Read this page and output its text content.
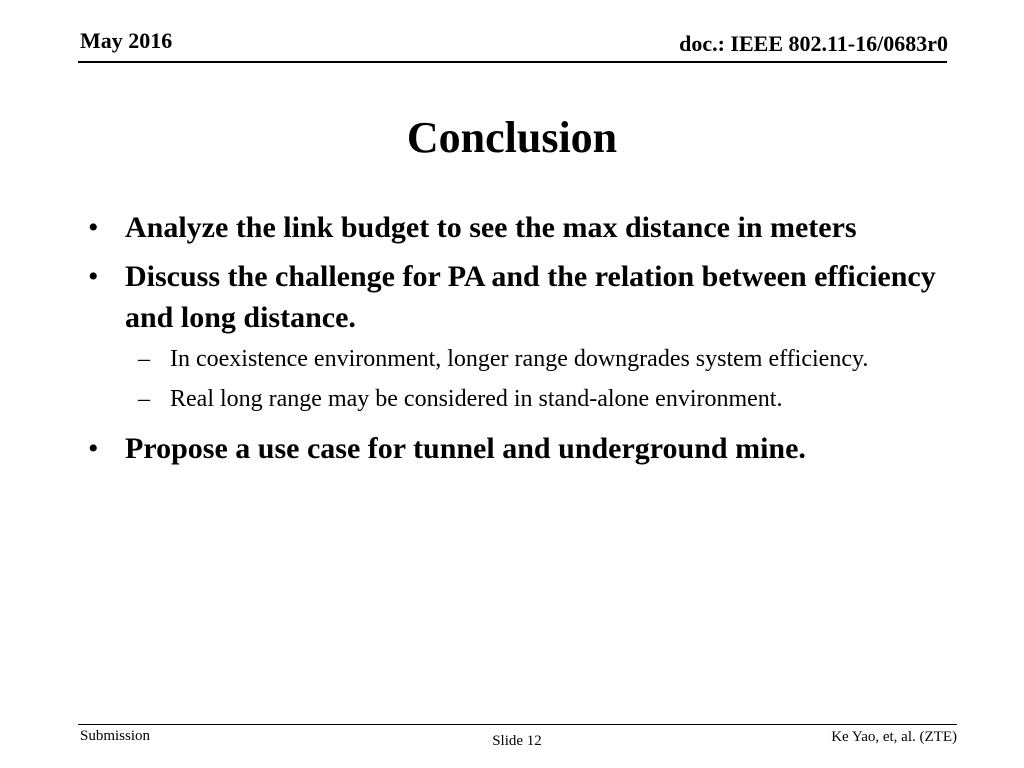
May 2016	doc.: IEEE 802.11-16/0683r0
Conclusion
• Analyze the link budget to see the max distance in meters
• Discuss the challenge for PA and the relation between efficiency and long distance.
– In coexistence environment, longer range downgrades system efficiency.
– Real long range may be considered in stand-alone environment.
• Propose a use case for tunnel and underground mine.
Submission	Slide 12	Ke Yao, et, al. (ZTE)
